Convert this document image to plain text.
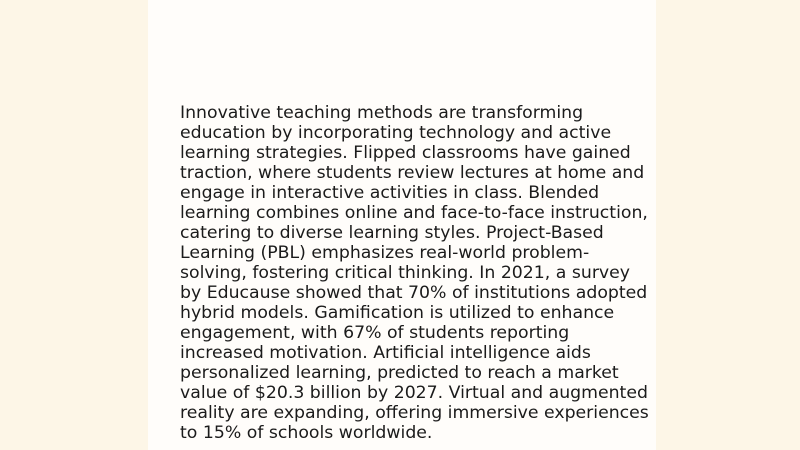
Innovative teaching methods are transforming
education by incorporating technology and active
learning strategies. Flipped classrooms have gained
traction, where students review lectures at home and
engage in interactive activities in class. Blended
learning combines online and face-to-face instruction,
catering to diverse learning styles. Project-Based
Learning (PBL) emphasizes real-world problem-
solving, fostering critical thinking. In 2021, a survey
by Educause showed that 70% of institutions adopted
hybrid models. Gamification is utilized to enhance
engagement, with 67% of students reporting
increased motivation. Artificial intelligence aids
personalized learning, predicted to reach a market
value of $20.3 billion by 2027. Virtual and augmented
reality are expanding, offering immersive experiences
to 15% of schools worldwide.
